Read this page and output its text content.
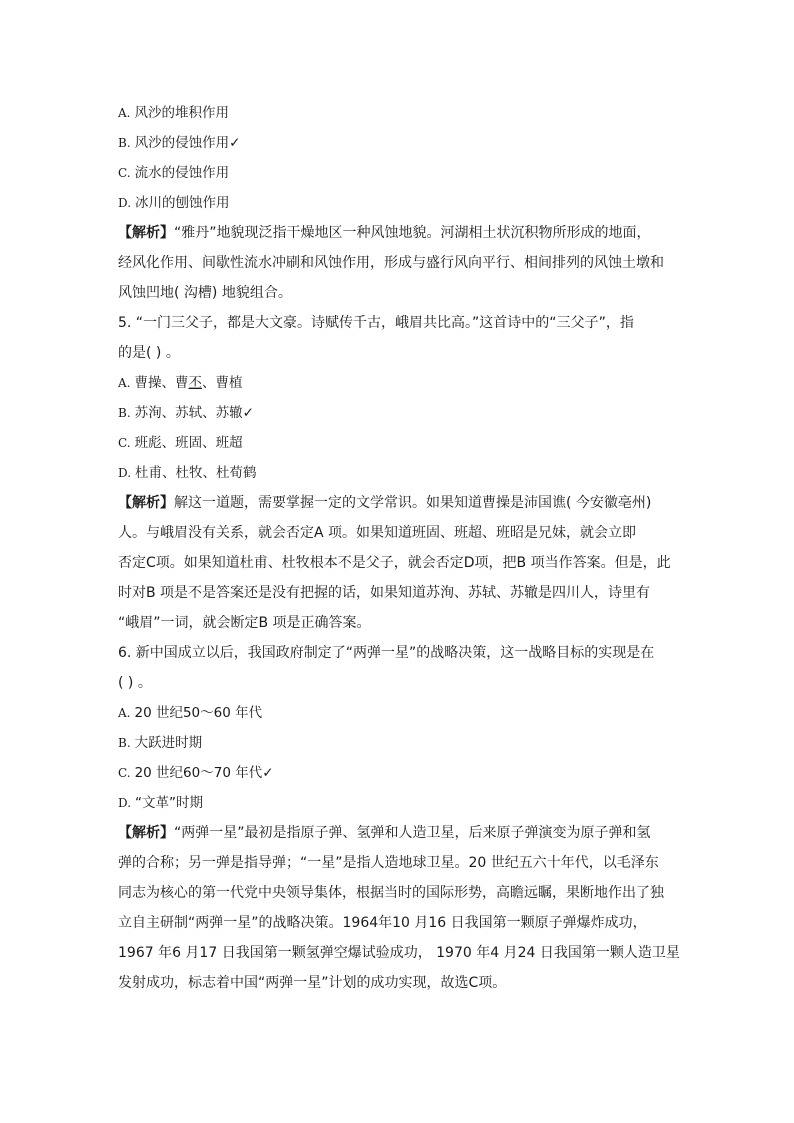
A. 风沙的堆积作用
B. 风沙的侵蚀作用✓
C. 流水的侵蚀作用
D. 冰川的刨蚀作用
【解析】“雅丹”地貌现泛指干燥地区一种风蚀地貌。河湖相土状沉积物所形成的地面，
经风化作用、间歇性流水冲刷和风蚀作用，形成与盛行风向平行、相间排列的风蚀土墩和
风蚀凹地( 沟槽) 地貌组合。
5. “一门三父子，都是大文豪。诗赋传千古，峨眉共比高。”这首诗中的“三父子”，指
的是( ) 。
A. 曹操、曹丕、曹植
B. 苏洵、苏轼、苏辙✓
C. 班彪、班固、班超
D. 杜甫、杜牧、杜荀鹤
【解析】解这一道题，需要掌握一定的文学常识。如果知道曹操是沛国谯( 今安徽亳州)
人。与峨眉没有关系，就会否定A 项。如果知道班固、班超、班昭是兄妹，就会立即
否定C项。如果知道杜甫、杜牧根本不是父子，就会否定D项，把B 项当作答案。但是，此
时对B 项是不是答案还是没有把握的话，如果知道苏洵、苏轼、苏辙是四川人，诗里有
“峨眉”一词，就会断定B 项是正确答案。
6. 新中国成立以后，我国政府制定了“两弹一星”的战略决策，这一战略目标的实现是在
( ) 。
A. 20 世纪50～60 年代
B. 大跃进时期
C. 20 世纪60～70 年代✓
D. “文革”时期
【解析】“两弹一星”最初是指原子弹、氢弹和人造卫星，后来原子弹演变为原子弹和氢
弹的合称；另一弹是指导弹；“一星”是指人造地球卫星。20 世纪五六十年代，以毛泽东
同志为核心的第一代党中央领导集体，根据当时的国际形势，高瞻远瞩，果断地作出了独
立自主研制“两弹一星”的战略决策。1964年10 月16 日我国第一颗原子弹爆炸成功，
1967 年6 月17 日我国第一颗氢弹空爆试验成功， 1970 年4 月24 日我国第一颗人造卫星
发射成功，标志着中国“两弹一星”计划的成功实现，故选C项。
